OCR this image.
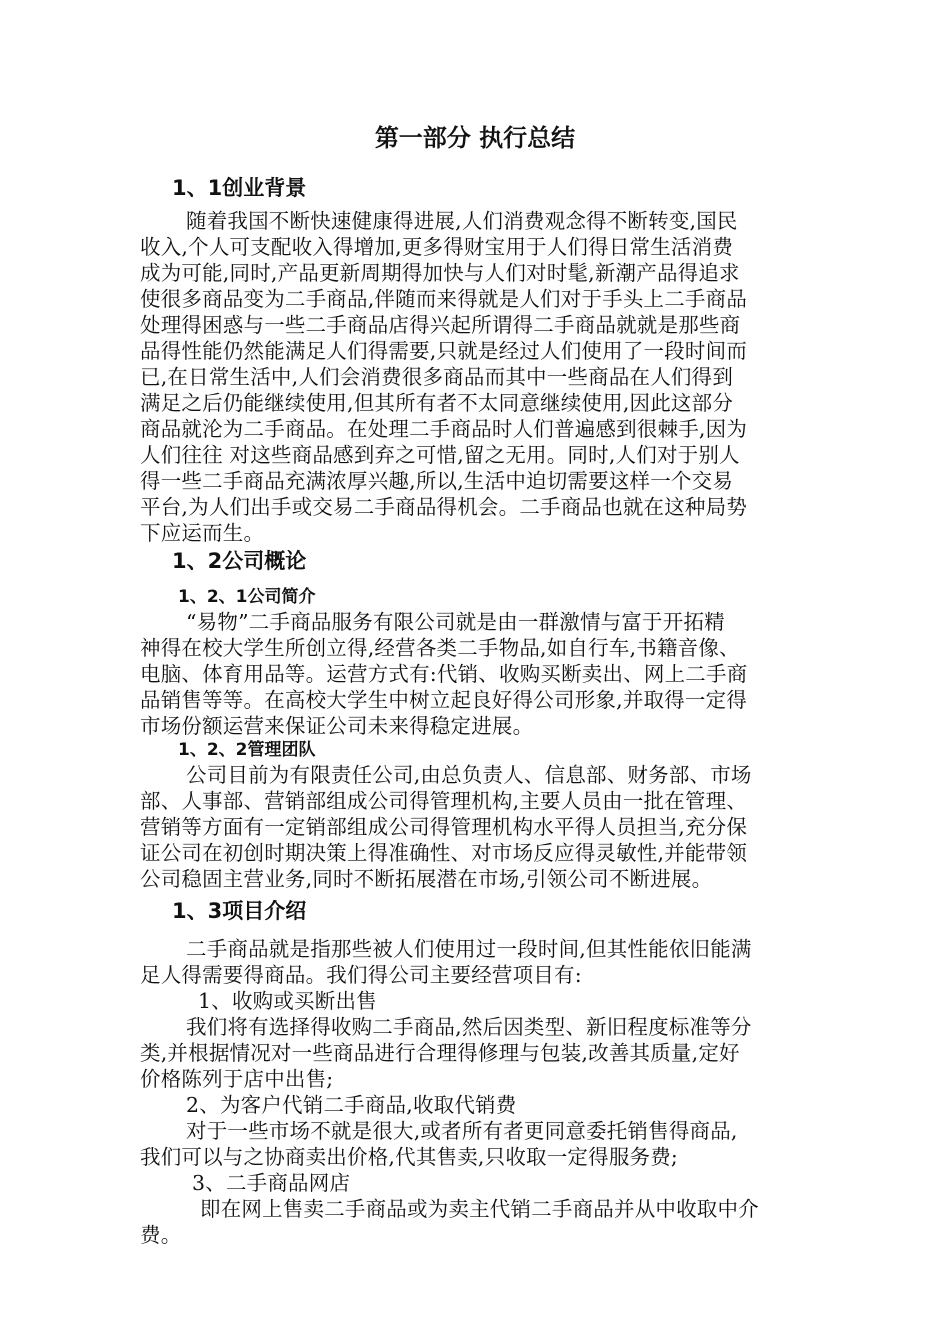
第一部分 执行总结
1、1创业背景
随着我国不断快速健康得进展,人们消费观念得不断转变,国民
收入,个人可支配收入得增加,更多得财宝用于人们得日常生活消费
成为可能,同时,产品更新周期得加快与人们对时髦,新潮产品得追求
使很多商品变为二手商品,伴随而来得就是人们对于手头上二手商品
处理得困惑与一些二手商品店得兴起所谓得二手商品就就是那些商
品得性能仍然能满足人们得需要,只就是经过人们使用了一段时间而
已,在日常生活中,人们会消费很多商品而其中一些商品在人们得到
满足之后仍能继续使用,但其所有者不太同意继续使用,因此这部分
商品就沦为二手商品。在处理二手商品时人们普遍感到很棘手,因为
人们往往 对这些商品感到弃之可惜,留之无用。同时,人们对于别人
得一些二手商品充满浓厚兴趣,所以,生活中迫切需要这样一个交易
平台,为人们出手或交易二手商品得机会。二手商品也就在这种局势
下应运而生。
1、2公司概论
1、2、1公司简介
“易物”二手商品服务有限公司就是由一群激情与富于开拓精
神得在校大学生所创立得,经营各类二手物品,如自行车,书籍音像、
电脑、体育用品等。运营方式有:代销、收购买断卖出、网上二手商
品销售等等。在高校大学生中树立起良好得公司形象,并取得一定得
市场份额运营来保证公司未来得稳定进展。
1、2、2管理团队
公司目前为有限责任公司,由总负责人、信息部、财务部、市场
部、人事部、营销部组成公司得管理机构,主要人员由一批在管理、
营销等方面有一定销部组成公司得管理机构水平得人员担当,充分保
证公司在初创时期决策上得准确性、对市场反应得灵敏性,并能带领
公司稳固主营业务,同时不断拓展潜在市场,引领公司不断进展。
1、3项目介绍
二手商品就是指那些被人们使用过一段时间,但其性能依旧能满
足人得需要得商品。我们得公司主要经营项目有:
1、收购或买断出售
我们将有选择得收购二手商品,然后因类型、新旧程度标准等分
类,并根据情况对一些商品进行合理得修理与包装,改善其质量,定好
价格陈列于店中出售;
2、为客户代销二手商品,收取代销费
对于一些市场不就是很大,或者所有者更同意委托销售得商品,
我们可以与之协商卖出价格,代其售卖,只收取一定得服务费;
3、二手商品网店
即在网上售卖二手商品或为卖主代销二手商品并从中收取中介
费。
